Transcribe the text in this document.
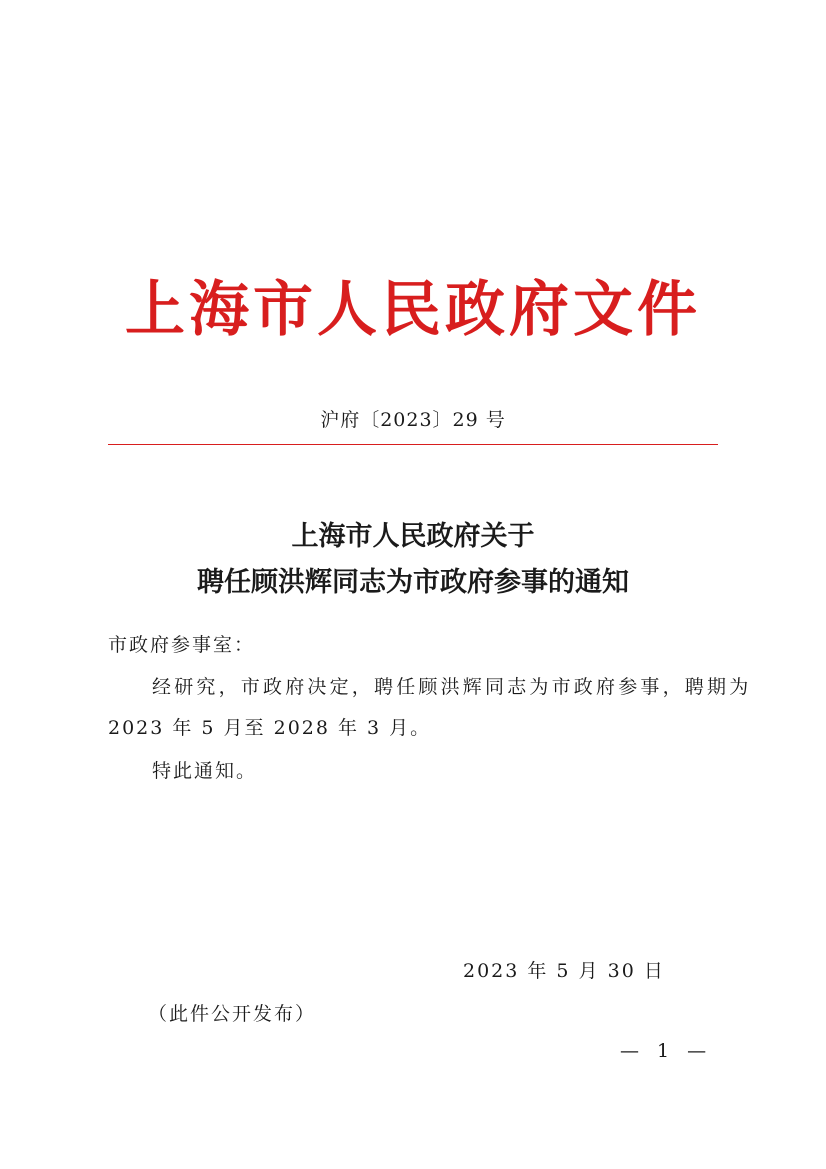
上海市人民政府文件
沪府〔2023〕29 号
上海市人民政府关于
聘任顾洪辉同志为市政府参事的通知
市政府参事室：
经研究，市政府决定，聘任顾洪辉同志为市政府参事，聘期为
2023 年 5 月至 2028 年 3 月。
特此通知。
2023 年 5 月 30 日
（此件公开发布）
— 1 —
